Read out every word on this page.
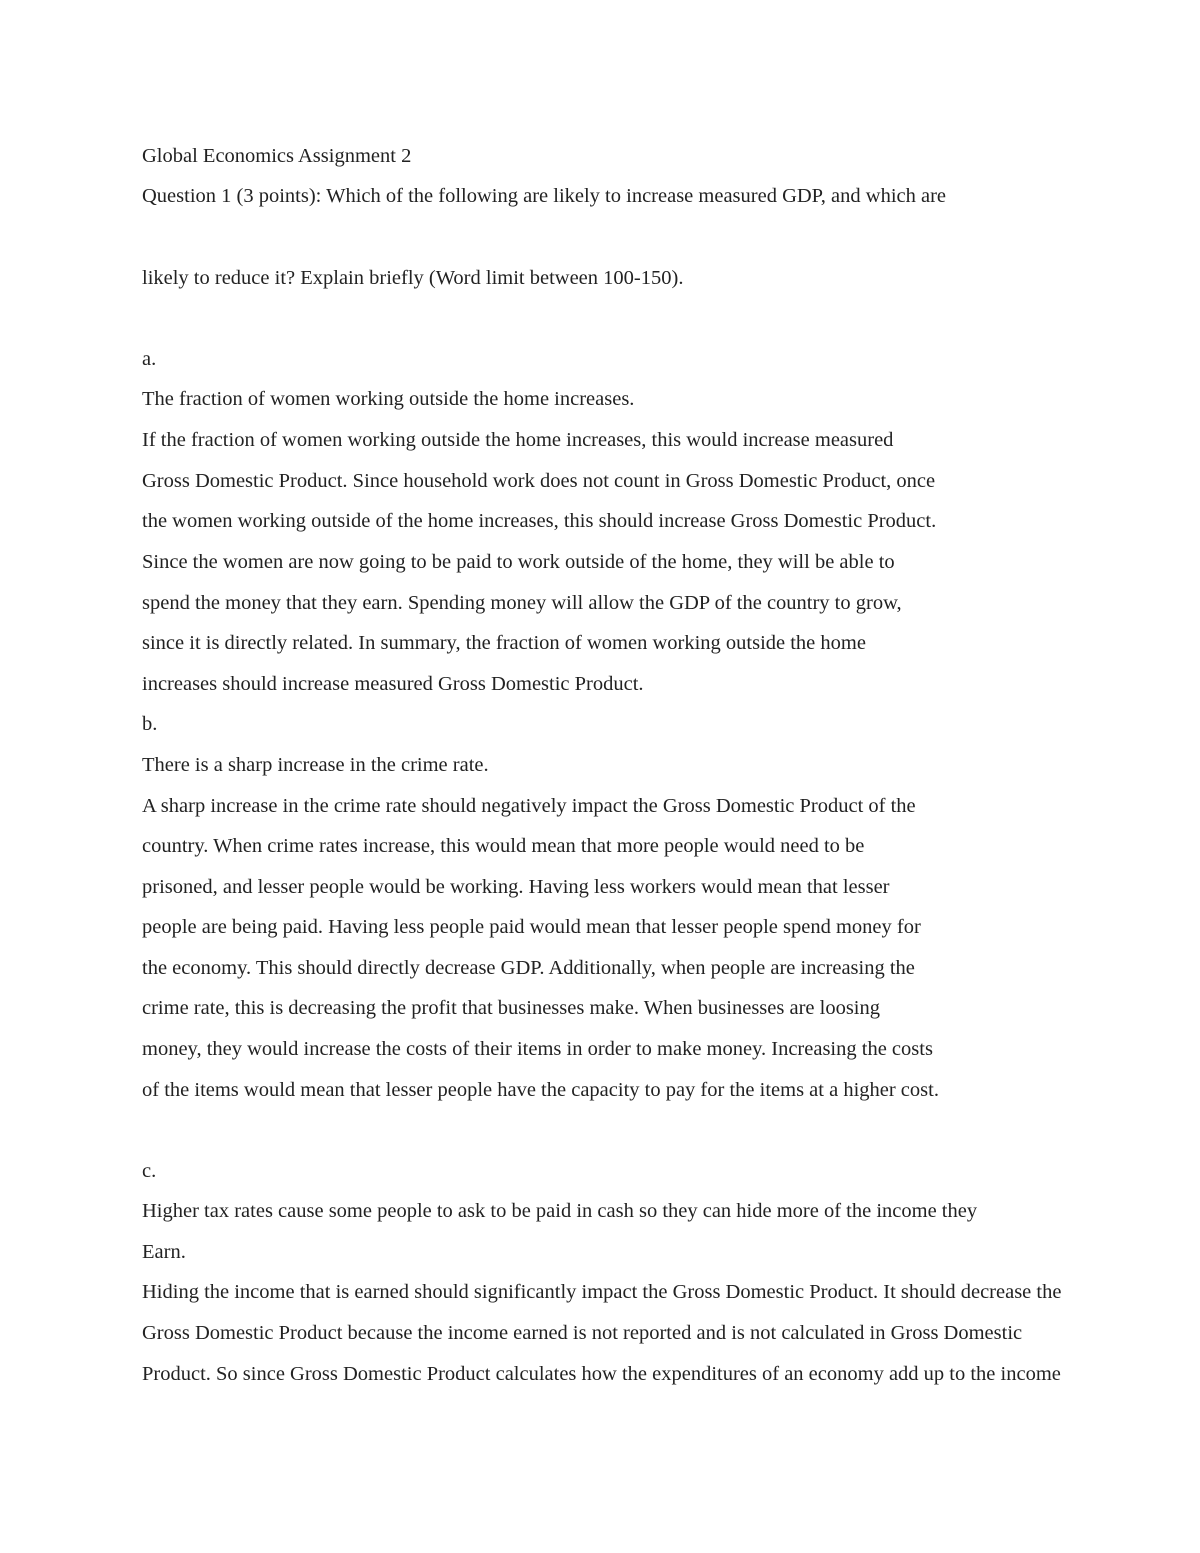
Global Economics Assignment 2

Question 1 (3 points): Which of the following are likely to increase measured GDP, and which are

likely to reduce it? Explain briefly (Word limit between 100-150).

a.

The fraction of women working outside the home increases.

If the fraction of women working outside the home increases, this would increase measured

Gross Domestic Product. Since household work does not count in Gross Domestic Product, once

the women working outside of the home increases, this should increase Gross Domestic Product.

Since the women are now going to be paid to work outside of the home, they will be able to

spend the money that they earn. Spending money will allow the GDP of the country to grow,

since it is directly related. In summary, the fraction of women working outside the home

increases should increase measured Gross Domestic Product.

b.

There is a sharp increase in the crime rate.

A sharp increase in the crime rate should negatively impact the Gross Domestic Product of the

country. When crime rates increase, this would mean that more people would need to be

prisoned, and lesser people would be working. Having less workers would mean that lesser

people are being paid. Having less people paid would mean that lesser people spend money for

the economy. This should directly decrease GDP. Additionally, when people are increasing the

crime rate, this is decreasing the profit that businesses make. When businesses are loosing

money, they would increase the costs of their items in order to make money. Increasing the costs

of the items would mean that lesser people have the capacity to pay for the items at a higher cost.

c.

Higher tax rates cause some people to ask to be paid in cash so they can hide more of the income they

Earn.

Hiding the income that is earned should significantly impact the Gross Domestic Product. It should decrease the

Gross Domestic Product because the income earned is not reported and is not calculated in Gross Domestic

Product. So since Gross Domestic Product calculates how the expenditures of an economy add up to the income
